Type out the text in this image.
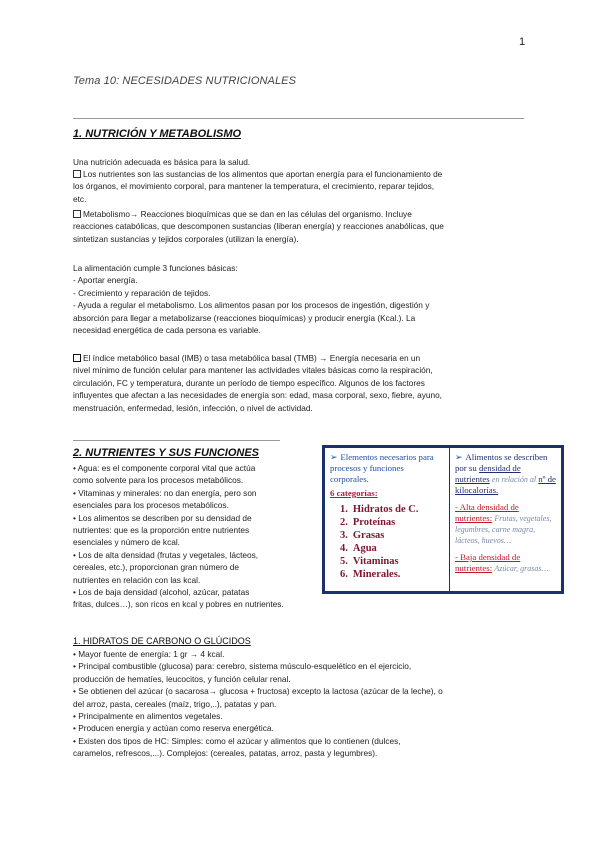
1
Tema 10: NECESIDADES NUTRICIONALES
1. NUTRICIÓN Y METABOLISMO

Una nutrición adecuada es básica para la salud.

Los nutrientes son las sustancias de los alimentos que aportan energía para el funcionamiento de
los órganos, el movimiento corporal, para mantener la temperatura, el crecimiento, reparar tejidos,
etc.

Metabolismo→ Reacciones bioquímicas que se dan en las células del organismo. Incluye
reacciones catabólicas, que descomponen sustancias (liberan energía) y reacciones anabólicas, que
sintetizan sustancias y tejidos corporales (utilizan la energía).

La alimentación cumple 3 funciones básicas:
- Aportar energía.
- Crecimiento y reparación de tejidos.
- Ayuda a regular el metabolismo. Los alimentos pasan por los procesos de ingestión, digestión y
absorción para llegar a metabolizarse (reacciones bioquímicas) y producir energía (Kcal.). La
necesidad energética de cada persona es variable.

El índice metabólico basal (IMB) o tasa metabólica basal (TMB) → Energía necesaria en un
nivel mínimo de función celular para mantener las actividades vitales básicas como la respiración,
circulación, FC y temperatura, durante un período de tiempo específico. Algunos de los factores
influyentes que afectan a las necesidades de energía son: edad, masa corporal, sexo, fiebre, ayuno,
menstruación, enfermedad, lesión, infección, o nivel de actividad.

2. NUTRIENTES Y SUS FUNCIONES

• Agua: es el componente corporal vital que actúa
como solvente para los procesos metabólicos.
• Vitaminas y minerales: no dan energía, pero son
esenciales para los procesos metabólicos.
• Los alimentos se describen por su densidad de
nutrientes: que es la proporción entre nutrientes
esenciales y número de kcal.
• Los de alta densidad (frutas y vegetales, lácteos,
cereales, etc.), proporcionan gran número de
nutrientes en relación con las kcal.
• Los de baja densidad (alcohol, azúcar, patatas
fritas, dulces…), son ricos en kcal y pobres en nutrientes.

➢ Elementos necesarios para procesos y funciones corporales.
6 categorías:
1. Hidratos de C.
2. Proteínas
3. Grasas
4. Agua
5. Vitaminas
6. Minerales.
➢ Alimentos se describen por su densidad de nutrientes en relación al nº de kilocalorías.
- Alta densidad de nutrientes: Frutas, vegetales, legumbres, carne magra, lácteos, huevos…
- Baja densidad de nutrientes: Azúcar, grasas…
1. HIDRATOS DE CARBONO O GLÚCIDOS

• Mayor fuente de energía: 1 gr → 4 kcal.
• Principal combustible (glucosa) para: cerebro, sistema músculo-esquelético en el ejercicio,
producción de hematíes, leucocitos, y función celular renal.
• Se obtienen del azúcar (o sacarosa→ glucosa + fructosa) excepto la lactosa (azúcar de la leche), o
del arroz, pasta, cereales (maíz, trigo,..), patatas y pan.
• Principalmente en alimentos vegetales.
• Producen energía y actúan como reserva energética.
• Existen dos tipos de HC: Simples: como el azúcar y alimentos que lo contienen (dulces,
caramelos, refrescos,...). Complejos: (cereales, patatas, arroz, pasta y legumbres).
